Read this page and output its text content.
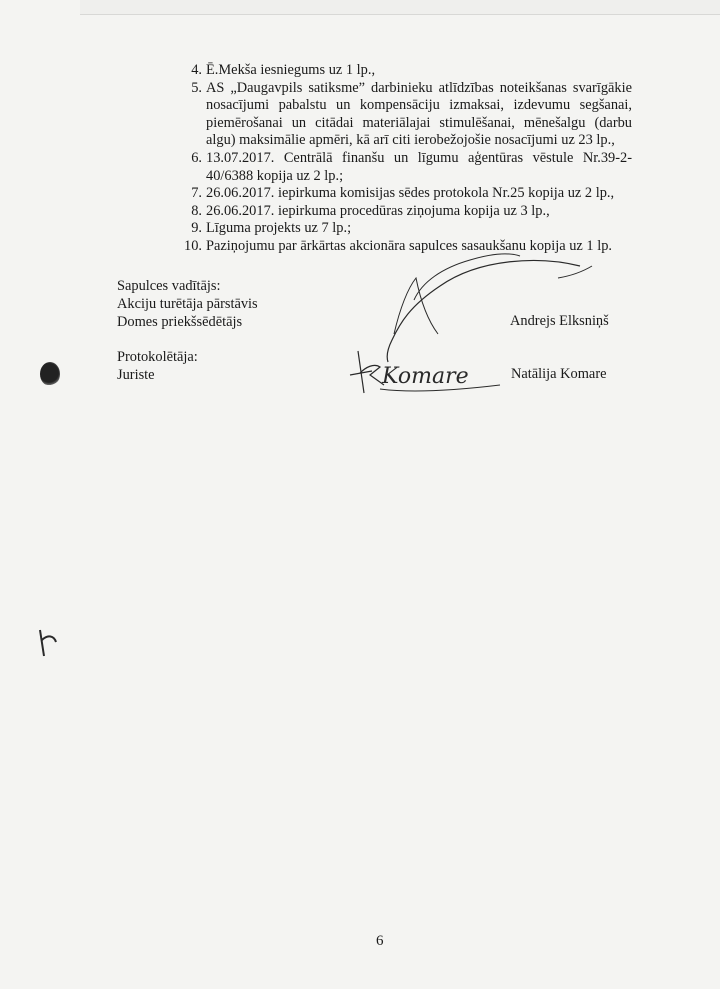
4. Ē.Mekša iesniegums uz 1 lp.,
5. AS „Daugavpils satiksme” darbinieku atlīdzības noteikšanas svarīgākie nosacījumi pabalstu un kompensāciju izmaksai, izdevumu segšanai, piemērošanai un citādai materiālajai stimulēšanai, mēnešalgu (darbu algu) maksimālie apmēri, kā arī citi ierobežojošie nosacījumi uz 23 lp.,
6. 13.07.2017. Centrālā finanšu un līgumu aģentūras vēstule Nr.39-2-40/6388 kopija uz 2 lp.;
7. 26.06.2017. iepirkuma komisijas sēdes protokola Nr.25 kopija uz 2 lp.,
8. 26.06.2017. iepirkuma procedūras ziņojuma kopija uz 3 lp.,
9. Līguma projekts uz 7 lp.;
10. Paziņojumu par ārkārtas akcionāra sapulces sasaukšanu kopija uz 1 lp.
Sapulces vadītājs:
Akciju turētāja pārstāvis
Domes priekšsēdētājs	Andrejs Elksniņš
Protokolētāja:
Juriste	Natālija Komare
Komare
6
